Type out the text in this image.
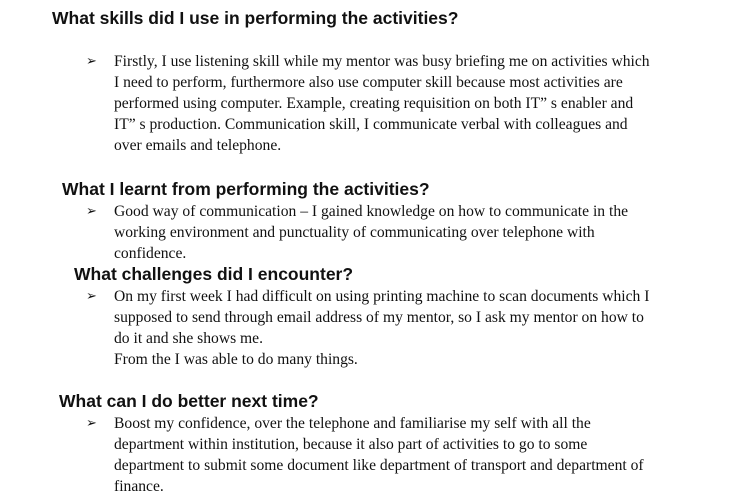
What skills did I use in performing the activities?
➢	Firstly, I use listening skill while my mentor was busy briefing me on activities which
I need to perform, furthermore also use computer skill because most activities are
performed using computer. Example, creating requisition on both IT” s enabler and
IT” s production. Communication skill, I communicate verbal with colleagues and
over emails and telephone.

What I learnt from performing the activities?
➢	Good way of communication – I gained knowledge on how to communicate in the
working environment and punctuality of communicating over telephone with
confidence.

What challenges did I encounter?
➢	On my first week I had difficult on using printing machine to scan documents which I
supposed to send through email address of my mentor, so I ask my mentor on how to
do it and she shows me.
From the I was able to do many things.

What can I do better next time?
➢	Boost my confidence, over the telephone and familiarise my self with all the
department within institution, because it also part of activities to go to some
department to submit some document like department of transport and department of
finance.
